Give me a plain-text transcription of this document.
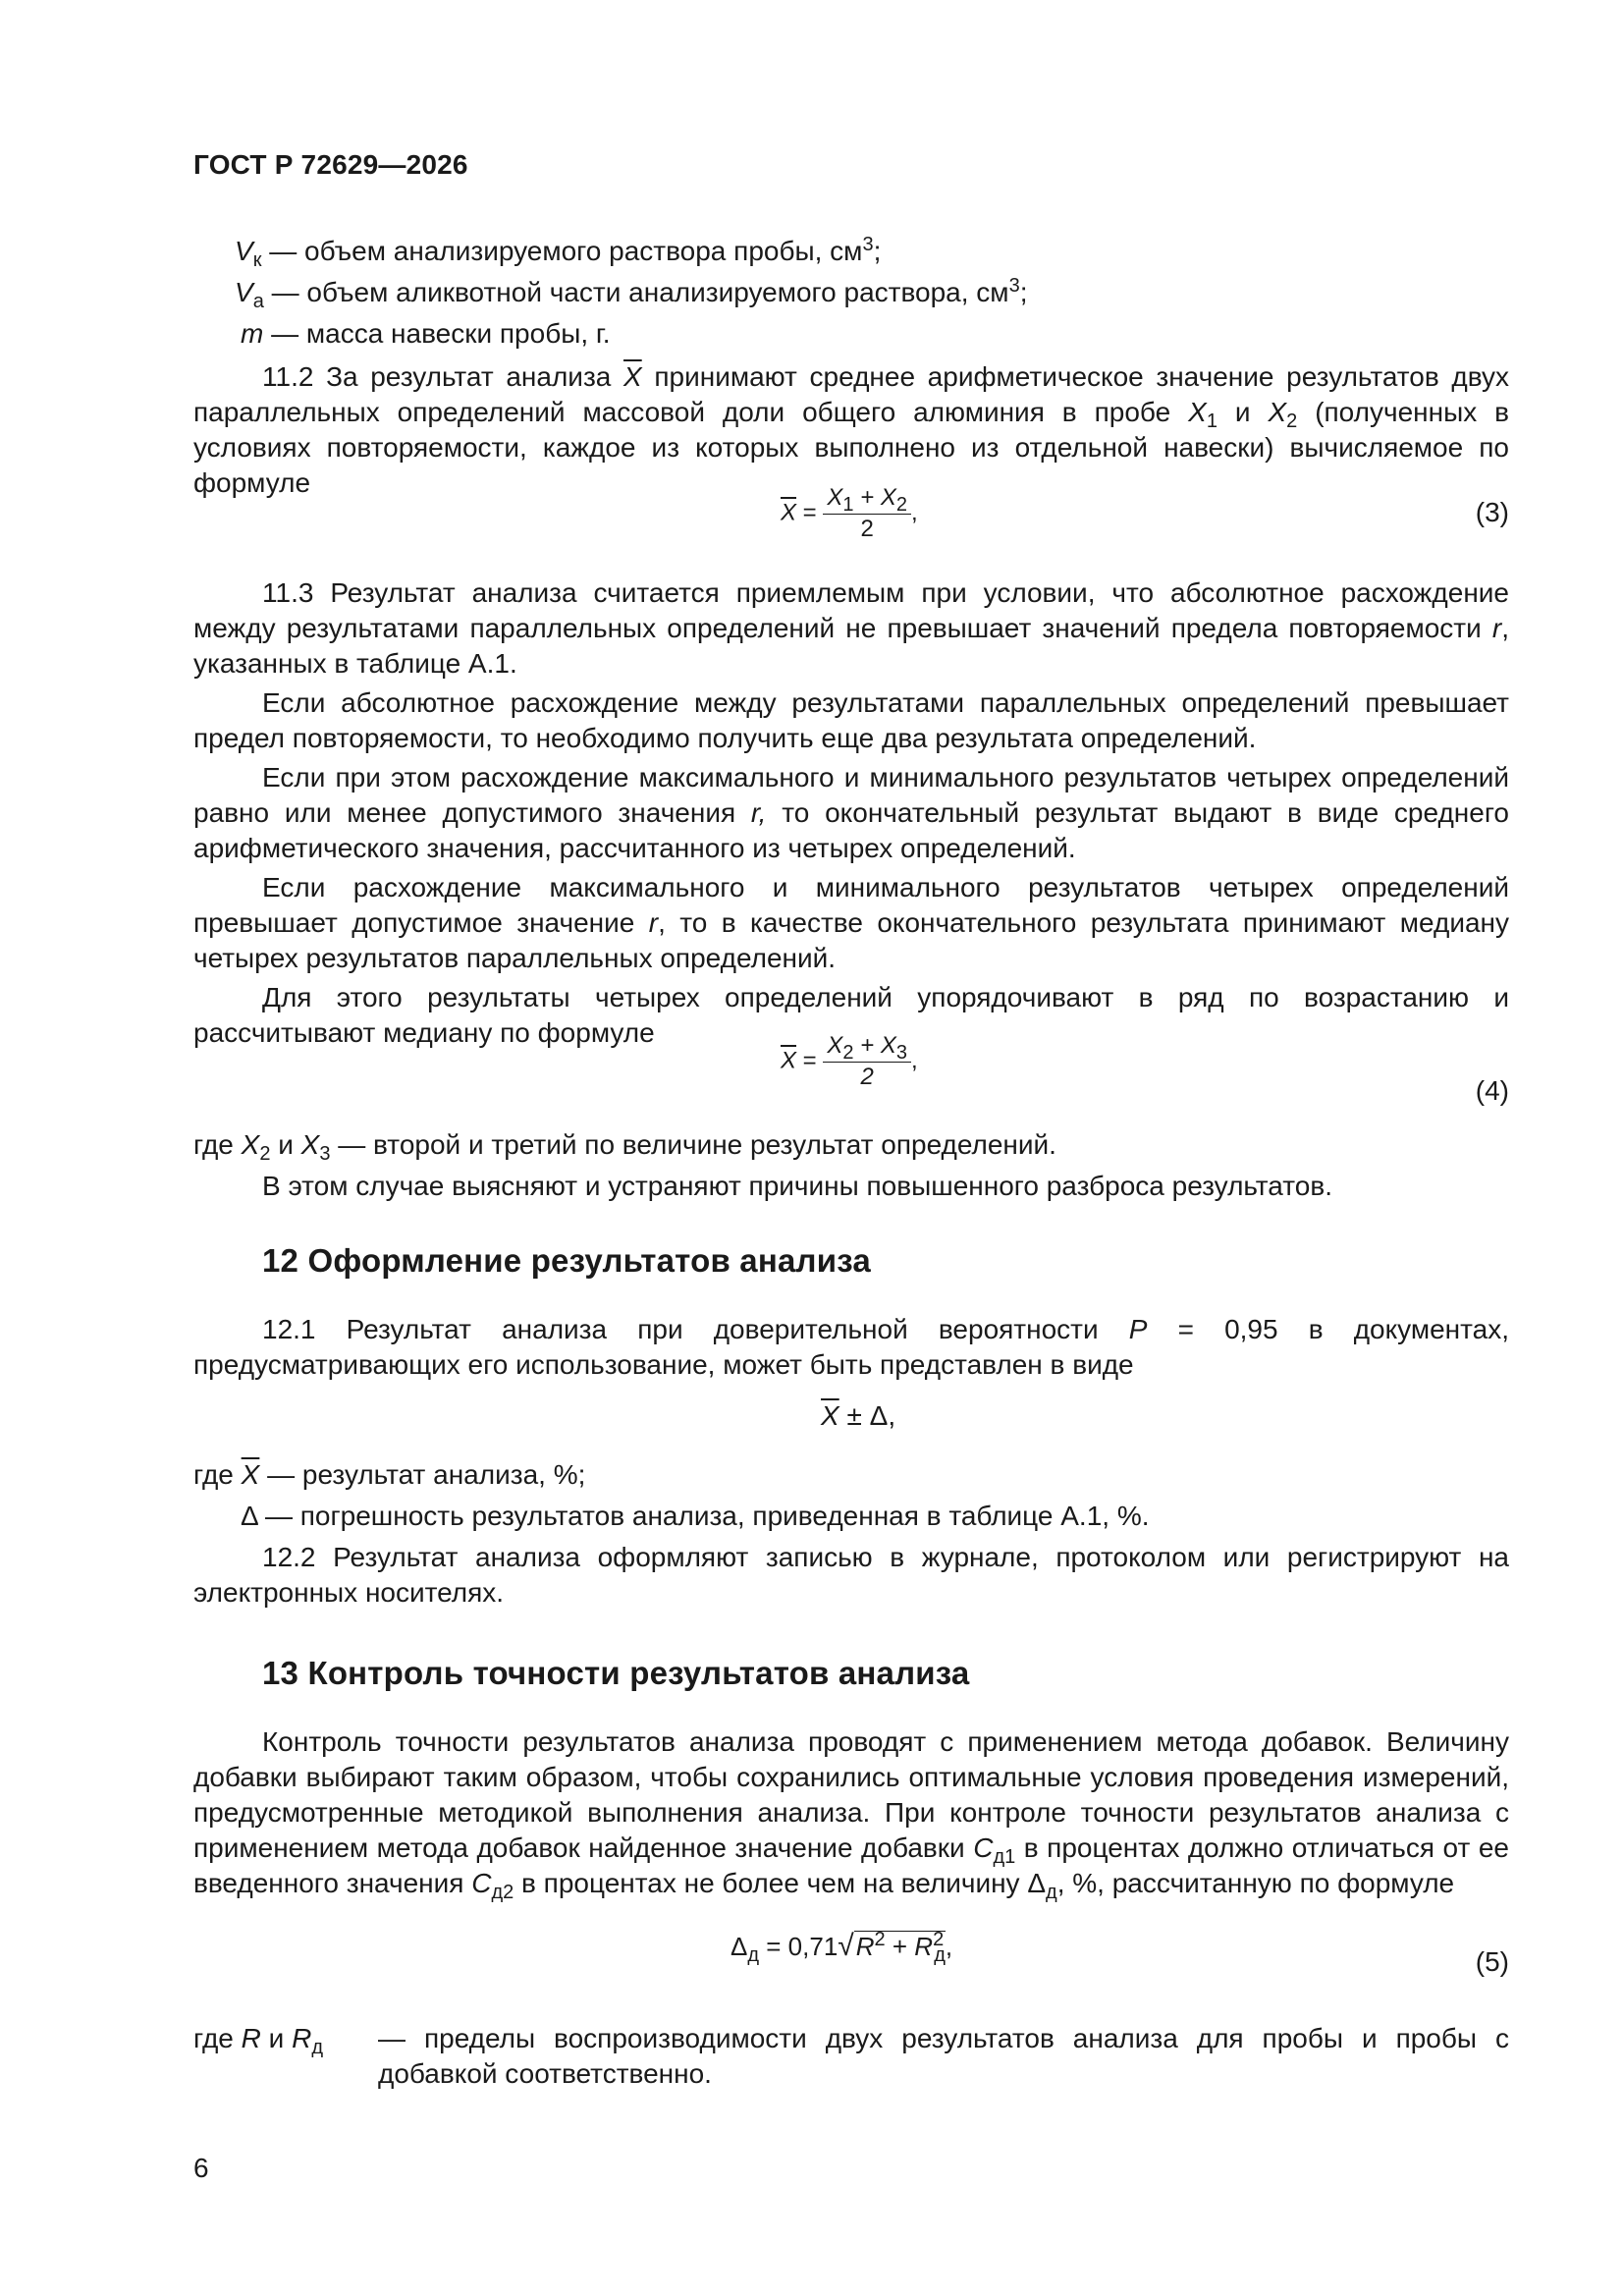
ГОСТ Р 72629—2026

$V_к$ — объем анализируемого раствора пробы, $см^3$;

$V_а$ — объем аликвотной части анализируемого раствора, $см^3$;

m — масса навески пробы, г.

11.2 За результат анализа $\overline{X}$ принимают среднее арифметическое значение результатов двух параллельных определений массовой доли общего алюминия в пробе $X_1$ и $X_2$ (полученных в условиях повторяемости, каждое из которых выполнено из отдельной навески) вычисляемое по формуле

$\overline{X} = \frac{X_1 + X_2}{2}$ ,	(3)

11.3 Результат анализа считается приемлемым при условии, что абсолютное расхождение между результатами параллельных определений не превышает значений предела повторяемости r, указанных в таблице А.1.

Если абсолютное расхождение между результатами параллельных определений превышает предел повторяемости, то необходимо получить еще два результата определений.

Если при этом расхождение максимального и минимального результатов четырех определений равно или менее допустимого значения r, то окончательный результат выдают в виде среднего арифметического значения, рассчитанного из четырех определений.

Если расхождение максимального и минимального результатов четырех определений превышает допустимое значение r, то в качестве окончательного результата принимают медиану четырех результатов параллельных определений.

Для этого результаты четырех определений упорядочивают в ряд по возрастанию и рассчитывают медиану по формуле

$\overline{X} = \frac{X_2 + X_3}{2}$ ,
(4)

где $X_2$ и $X_3$ — второй и третий по величине результат определений.

В этом случае выясняют и устраняют причины повышенного разброса результатов.

12 Оформление результатов анализа

12.1 Результат анализа при доверительной вероятности P = 0,95 в документах, предусматривающих его использование, может быть представлен в виде

$\overline{X} \pm \Delta$,

где $\overline{X}$ — результат анализа, %;

Δ — погрешность результатов анализа, приведенная в таблице А.1, %.

12.2 Результат анализа оформляют записью в журнале, протоколом или регистрируют на электронных носителях.

13 Контроль точности результатов анализа

Контроль точности результатов анализа проводят с применением метода добавок. Величину добавки выбирают таким образом, чтобы сохранились оптимальные условия проведения измерений, предусмотренные методикой выполнения анализа. При контроле точности результатов анализа с применением метода добавок найденное значение добавки $C_{д1}$ в процентах должно отличаться от ее введенного значения $C_{д2}$ в процентах не более чем на величину $\Delta_д$, %, рассчитанную по формуле

$\Delta_д = 0,71√R^2 + R^2_д$,	(5)
где R и $R_д$	— пределы воспроизводимости двух результатов анализа для пробы и пробы с добавкой соответственно.

6
